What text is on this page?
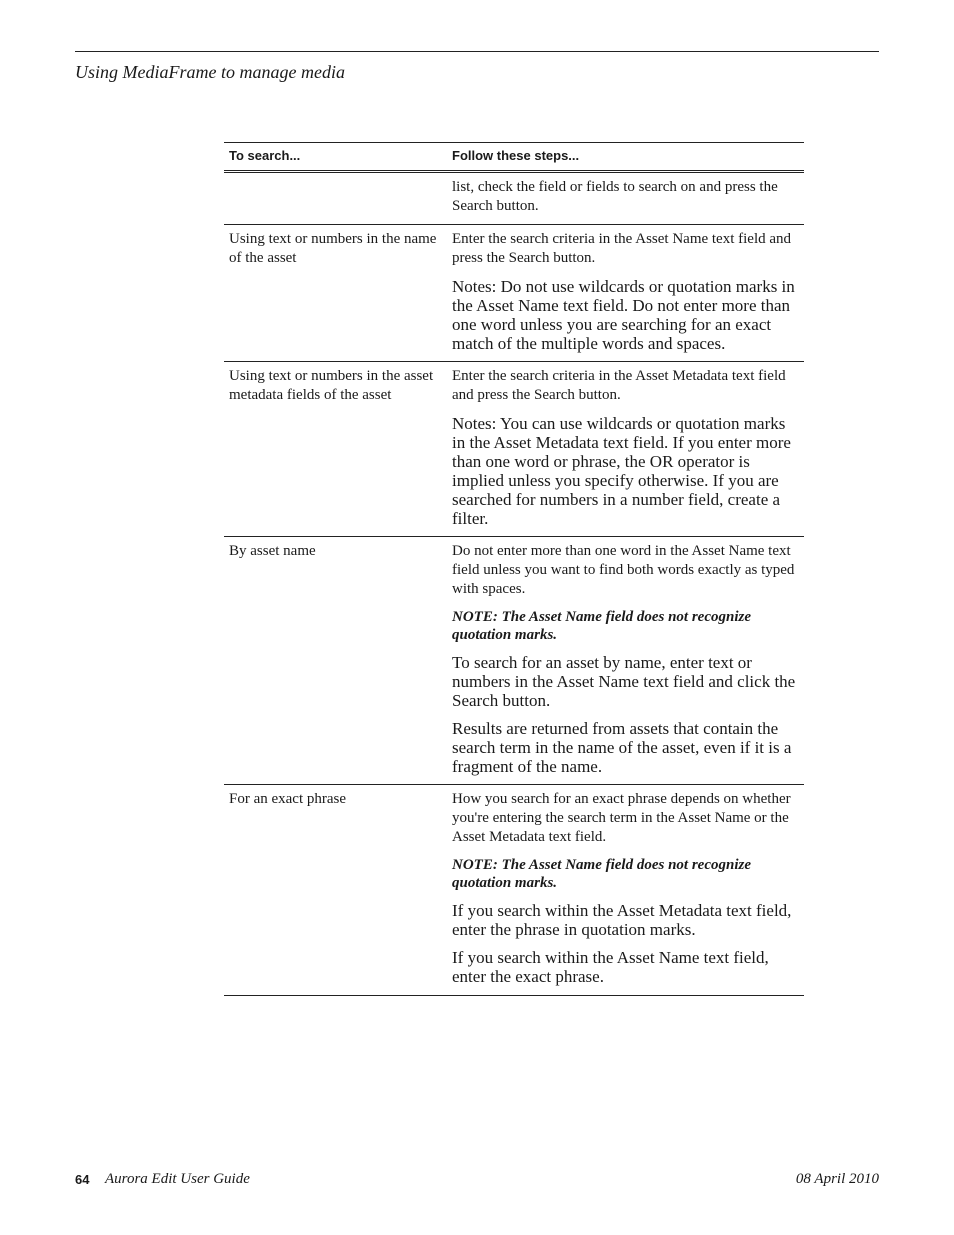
Using MediaFrame to manage media
To search...	Follow these steps...

	list, check the field or fields to search on and press the Search button.

Using text or numbers in the name of the asset	Enter the search criteria in the Asset Name text field and press the Search button.

Notes: Do not use wildcards or quotation marks in the Asset Name text field. Do not enter more than one word unless you are searching for an exact match of the multiple words and spaces.

Using text or numbers in the asset metadata fields of the asset	Enter the search criteria in the Asset Metadata text field and press the Search button.

Notes: You can use wildcards or quotation marks in the Asset Metadata text field. If you enter more than one word or phrase, the OR operator is implied unless you specify otherwise. If you are searched for numbers in a number field, create a filter.

By asset name	Do not enter more than one word in the Asset Name text field unless you want to find both words exactly as typed with spaces.

NOTE: The Asset Name field does not recognize quotation marks.

To search for an asset by name, enter text or numbers in the Asset Name text field and click the Search button.

Results are returned from assets that contain the search term in the name of the asset, even if it is a fragment of the name.

For an exact phrase	How you search for an exact phrase depends on whether you're entering the search term in the Asset Name or the Asset Metadata text field.

NOTE: The Asset Name field does not recognize quotation marks.

If you search within the Asset Metadata text field, enter the phrase in quotation marks.

If you search within the Asset Name text field, enter the exact phrase.

64 Aurora Edit User Guide	08 April 2010
